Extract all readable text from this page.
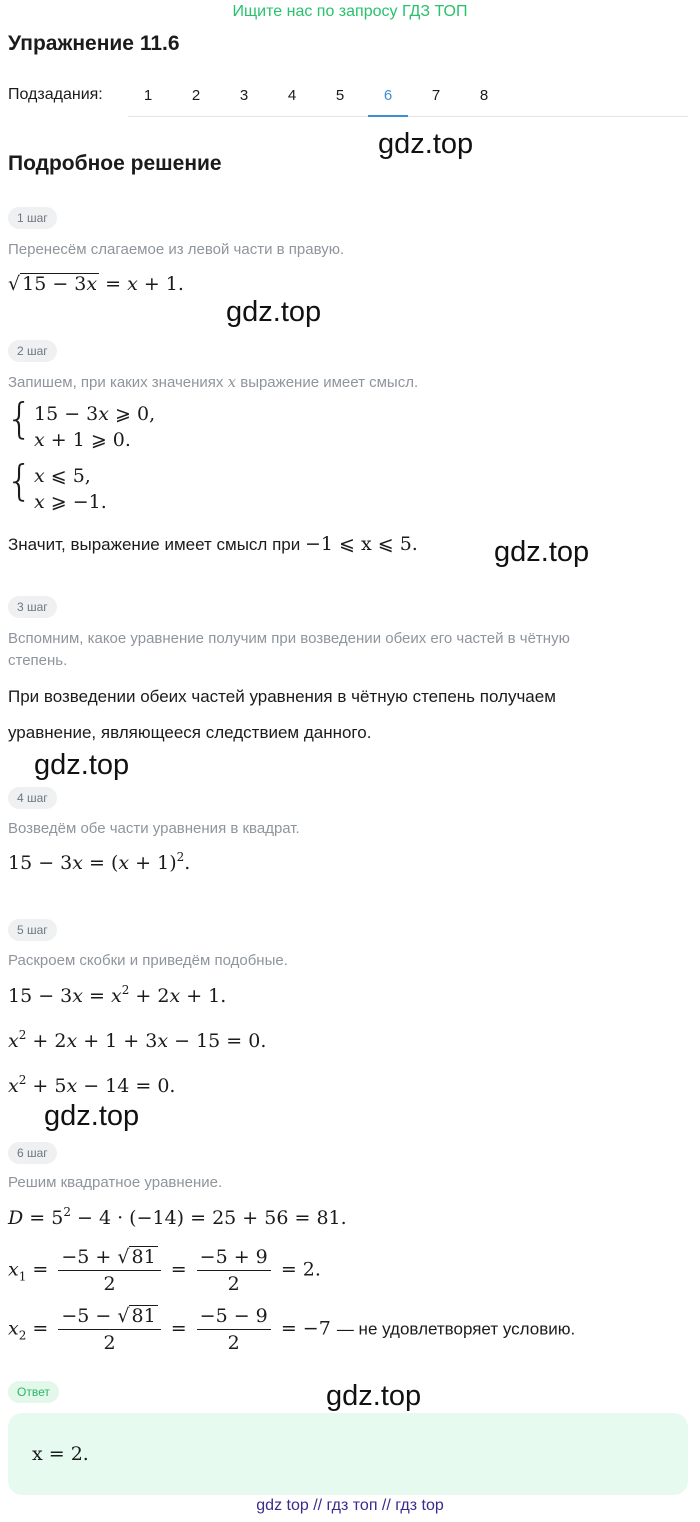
Ищите нас по запросу ГДЗ ТОП
Упражнение 11.6
Подзадания:	1	2	3	4	5	6	7	8
Подробное решение
gdz.top
gdz.top
gdz.top
gdz.top
gdz.top
gdz.top
1 шаг
Перенесём слагаемое из левой части в правую.
√ 15 − 3x = x + 1.
2 шаг
Запишем, при каких значениях x выражение имеет смысл.
{ 15 − 3x ⩾ 0,
x + 1 ⩾ 0.
{ x ⩽ 5,
x ⩾ −1.
Значит, выражение имеет смысл при −1 ⩽ x ⩽ 5.
3 шаг
Вспомним, какое уравнение получим при возведении обеих его частей в чётную
степень.
При возведении обеих частей уравнения в чётную степень получаем
уравнение, являющееся следствием данного.
4 шаг
Возведём обе части уравнения в квадрат.
$15 - 3x = (x + 1)^2$.
5 шаг
Раскроем скобки и приведём подобные.
$15 - 3x = x^2 + 2x + 1$.
$x^2 + 2x + 1 + 3x - 15 = 0$.
$x^2 + 5x - 14 = 0$.
6 шаг
Решим квадратное уравнение.
$D = 5^2 - 4 \cdot (-14) = 25 + 56 = 81$.
$x_1 = \frac{-5 + √ 81}{2} = \frac{-5 + 9}{2} = 2$.
$x_2 = \frac{-5 - √ 81}{2} = \frac{-5 - 9}{2} = -7$ — не удовлетворяет условию.
Ответ
x = 2.
gdz top // гдз топ // гдз top
